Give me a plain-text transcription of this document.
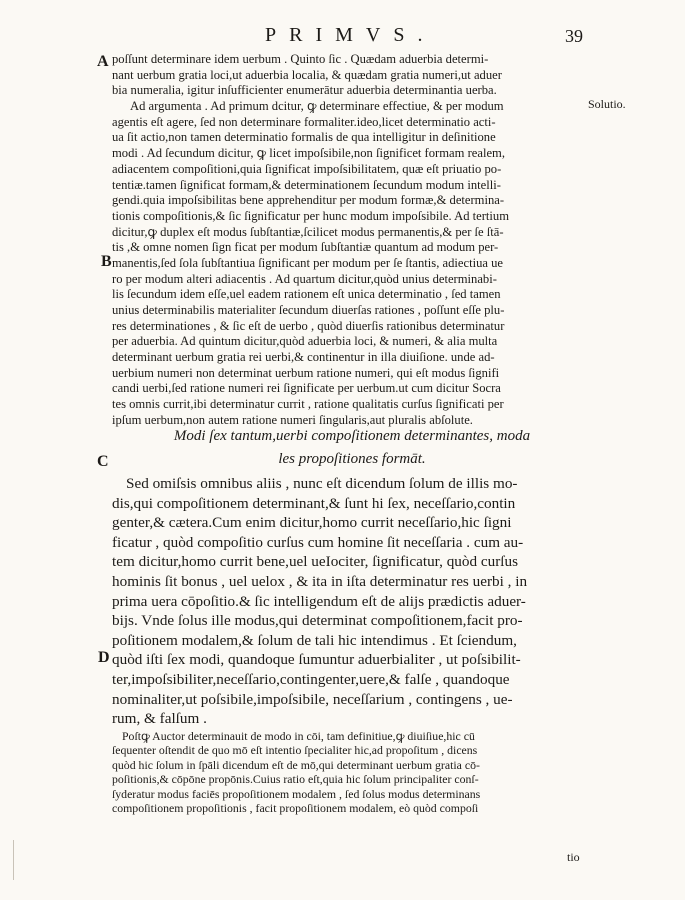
PRIMVS.	39
A
B
C
D
Solutio.
poſſunt determinare idem uerbum . Quinto ſic . Quædam aduerbia determi-
nant uerbum gratia loci,ut aduerbia localia, & quædam gratia numeri,ut aduer
bia numeralia, igitur inſufficienter enumerātur aduerbia determinantia uerba.
Ad argumenta . Ad primum dcitur, ꝙ determinare effectiue, & per modum
agentis eſt agere, ſed non determinare formaliter.ideo,licet determinatio acti-
ua ſit actio,non tamen determinatio formalis de qua intelligitur in deſinitione
modi . Ad ſecundum dicitur, ꝙ licet impoſsibile,non ſignificet formam realem,
adiacentem compoſitioni,quia ſignificat impoſsibilitatem, quæ eſt priuatio po-
tentiæ.tamen ſignificat formam,& determinationem ſecundum modum intelli-
gendi.quia impoſsibilitas bene apprehenditur per modum formæ,& determina-
tionis compoſitionis,& ſic ſignificatur per hunc modum impoſsibile. Ad tertium
dicitur,ꝙ duplex eſt modus ſubſtantiæ,ſcilicet modus permanentis,& per ſe ſtā-
tis ,& omne nomen ſign ficat per modum ſubſtantiæ quantum ad modum per-
manentis,ſed ſola ſubſtantiua ſignificant per modum per ſe ſtantis, adiectiua ue
ro per modum alteri adiacentis . Ad quartum dicitur,quòd unius determinabi-
lis ſecundum idem eſſe,uel eadem rationem eſt unica determinatio , ſed tamen
unius determinabilis materialiter ſecundum diuerſas rationes , poſſunt eſſe plu-
res determinationes , & ſic eſt de uerbo , quòd diuerſis rationibus determinatur
per aduerbia. Ad quintum dicitur,quòd aduerbia loci, & numeri, & alia multa
determinant uerbum gratia rei uerbi,& continentur in illa diuiſione. unde ad-
uerbium numeri non determinat uerbum ratione numeri, qui eſt modus ſignifi
candi uerbi,ſed ratione numeri rei ſignificate per uerbum.ut cum dicitur Socra
tes omnis currit,ibi determinatur currit , ratione qualitatis curſus ſignificati per
ipſum uerbum,non autem ratione numeri ſingularis,aut pluralis abſolute.
Modi ſex tantum,uerbi compoſitionem determinantes, moda
les propoſitiones formāt.
Sed omiſsis omnibus aliis , nunc eſt dicendum ſolum de illis mo-
dis,qui compoſitionem determinant,& ſunt hi ſex, neceſſario,contin
genter,& cætera.Cum enim dicitur,homo currit neceſſario,hic ſigni
ficatur , quòd compoſitio curſus cum homine ſit neceſſaria . cum au-
tem dicitur,homo currit bene,uel ueIociter, ſignificatur, quòd curſus
hominis ſit bonus , uel uelox , & ita in iſta determinatur res uerbi , in
prima uera cōpoſitio.& ſic intelligendum eſt de alijs prædictis aduer-
bijs. Vnde ſolus ille modus,qui determinat compoſitionem,facit pro-
poſitionem modalem,& ſolum de tali hic intendimus . Et ſciendum,
quòd iſti ſex modi, quandoque ſumuntur aduerbialiter , ut poſsibilit-
ter,impoſsibiliter,neceſſario,contingenter,uere,& falſe , quandoque
nominaliter,ut poſsibile,impoſsibile, neceſſarium , contingens , ue-
rum, & falſum .
Poſtꝙ Auctor determinauit de modo in cōi, tam definitiue,ꝙ diuiſiue,hic cū
ſequenter oſtendit de quo mō eſt intentio ſpecialiter hic,ad propoſitum , dicens
quòd hic ſolum in ſpāli dicendum eſt de mō,qui determinant uerbum gratia cō-
poſitionis,& cōpōne propōnis.Cuius ratio eſt,quia hic ſolum principaliter conſ-
ſyderatur modus faciēs propoſitionem modalem , ſed ſolus modus determinans
compoſitionem propoſitionis , facit propoſitionem modalem, eò quòd compoſi
tio
